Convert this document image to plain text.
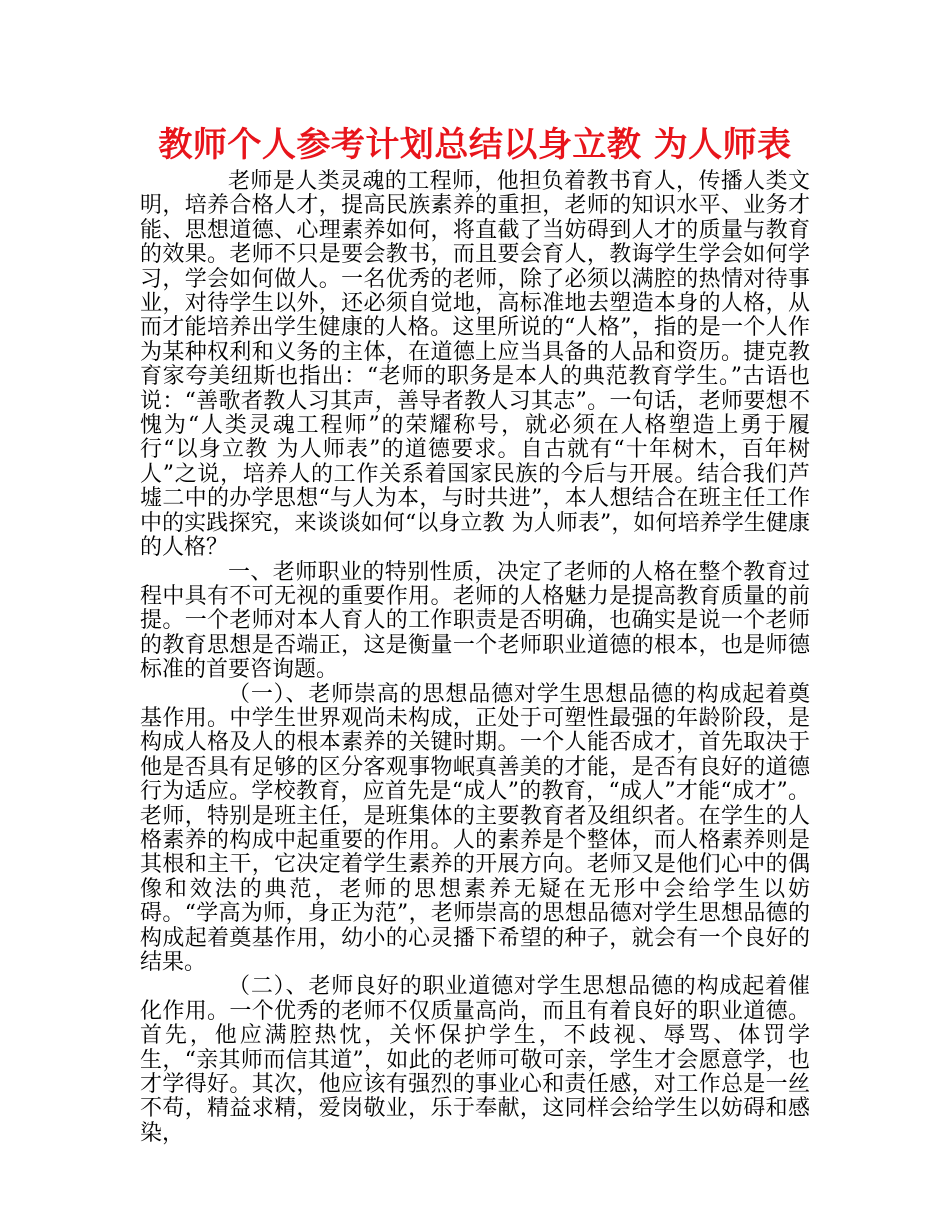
教师个人参考计划总结以身立教 为人师表

老师是人类灵魂的工程师，他担负着教书育人，传播人类文明，培养合格人才，提高民族素养的重担，老师的知识水平、业务才能、思想道德、心理素养如何，将直截了当妨碍到人才的质量与教育的效果。老师不只是要会教书，而且要会育人，教诲学生学会如何学习，学会如何做人。一名优秀的老师，除了必须以满腔的热情对待事业，对待学生以外，还必须自觉地，高标准地去塑造本身的人格，从而才能培养出学生健康的人格。这里所说的“人格”，指的是一个人作为某种权利和义务的主体，在道德上应当具备的人品和资历。捷克教育家夸美纽斯也指出：“老师的职务是本人的典范教育学生。”古语也说：“善歌者教人习其声，善导者教人习其志”。一句话，老师要想不愧为“人类灵魂工程师”的荣耀称号，就必须在人格塑造上勇于履行“以身立教 为人师表”的道德要求。自古就有“十年树木，百年树人”之说，培养人的工作关系着国家民族的今后与开展。结合我们芦墟二中的办学思想“与人为本，与时共进”，本人想结合在班主任工作中的实践探究，来谈谈如何“以身立教 为人师表”，如何培养学生健康的人格？

一、老师职业的特别性质，决定了老师的人格在整个教育过程中具有不可无视的重要作用。老师的人格魅力是提高教育质量的前提。一个老师对本人育人的工作职责是否明确，也确实是说一个老师的教育思想是否端正，这是衡量一个老师职业道德的根本，也是师德标准的首要咨询题。

（一）、老师崇高的思想品德对学生思想品德的构成起着奠基作用。中学生世界观尚未构成，正处于可塑性最强的年龄阶段，是构成人格及人的根本素养的关键时期。一个人能否成才，首先取决于他是否具有足够的区分客观事物岷真善美的才能，是否有良好的道德行为适应。学校教育，应首先是“成人”的教育，“成人”才能“成才”。老师，特别是班主任，是班集体的主要教育者及组织者。在学生的人格素养的构成中起重要的作用。人的素养是个整体，而人格素养则是其根和主干，它决定着学生素养的开展方向。老师又是他们心中的偶像和效法的典范，老师的思想素养无疑在无形中会给学生以妨碍。“学高为师，身正为范”，老师崇高的思想品德对学生思想品德的构成起着奠基作用，幼小的心灵播下希望的种子，就会有一个良好的结果。

（二）、老师良好的职业道德对学生思想品德的构成起着催化作用。一个优秀的老师不仅质量高尚，而且有着良好的职业道德。首先，他应满腔热忱，关怀保护学生，不歧视、辱骂、体罚学生，“亲其师而信其道”，如此的老师可敬可亲，学生才会愿意学，也才学得好。其次，他应该有强烈的事业心和责任感，对工作总是一丝不苟，精益求精，爱岗敬业，乐于奉献，这同样会给学生以妨碍和感染，
